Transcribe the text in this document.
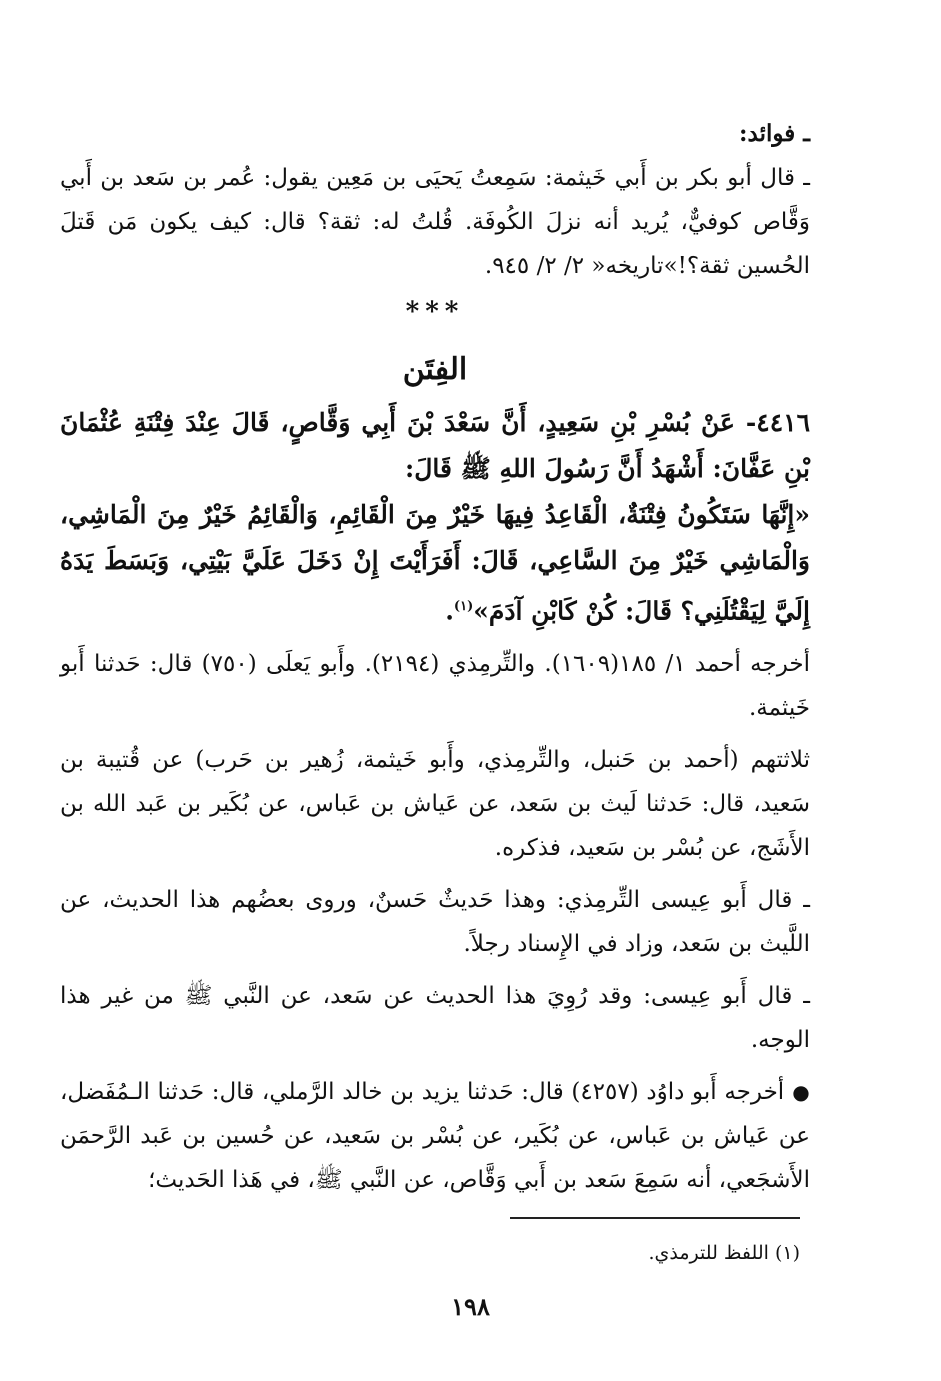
ـ فوائد:

ـ قال أبو بكر بن أَبي خَيثمة: سَمِعتُ يَحيَى بن مَعِين يقول: عُمر بن سَعد بن أَبي وَقَّاص كوفيٌّ، يُريد أنه نزلَ الكُوفَة. قُلتُ له: ثقة؟ قال: كيف يكون مَن قَتلَ الحُسين ثقة؟!»تاريخه« ٢/ ٢/ ٩٤٥.

***
الفِتَن

٤٤١٦- عَنْ بُسْرِ بْنِ سَعِيدٍ، أَنَّ سَعْدَ بْنَ أَبِي وَقَّاصٍ، قَالَ عِنْدَ فِتْنَةِ عُثْمَانَ بْنِ عَفَّانَ: أَشْهَدُ أَنَّ رَسُولَ اللهِ ﷺ قَالَ:

«إِنَّهَا سَتَكُونُ فِتْنَةٌ، الْقَاعِدُ فِيهَا خَيْرٌ مِنَ الْقَائِمِ، وَالْقَائِمُ خَيْرٌ مِنَ الْمَاشِي، وَالْمَاشِي خَيْرٌ مِنَ السَّاعِي، قَالَ: أَفَرَأَيْتَ إِنْ دَخَلَ عَلَيَّ بَيْتِي، وَبَسَطَ يَدَهُ إِلَيَّ لِيَقْتُلَنِي؟ قَالَ: كُنْ كَابْنِ آدَمَ»$^{(١)}$.

أخرجه أحمد ١/ ١٨٥(١٦٠٩). والتِّرمِذي (٢١٩٤). وأَبو يَعلَى (٧٥٠) قال: حَدثنا أَبو خَيثمة.

ثلاثتهم (أحمد بن حَنبل، والتِّرمِذي، وأَبو خَيثمة، زُهير بن حَرب) عن قُتيبة بن سَعيد، قال: حَدثنا لَيث بن سَعد، عن عَياش بن عَباس، عن بُكَير بن عَبد الله بن الأَشَج، عن بُسْر بن سَعيد، فذكره.

ـ قال أَبو عِيسى التِّرمِذي: وهذا حَديثٌ حَسنٌ، وروى بعضُهم هذا الحديث، عن اللَّيث بن سَعد، وزاد في الإِسناد رجلاً.

ـ قال أَبو عِيسى: وقد رُوِيَ هذا الحديث عن سَعد، عن النَّبي ﷺ من غير هذا الوجه.

●أخرجه أَبو داوُد (٤٢٥٧) قال: حَدثنا يزيد بن خالد الرَّملي، قال: حَدثنا الـمُفَضل، عن عَياش بن عَباس، عن بُكَير، عن بُسْر بن سَعيد، عن حُسين بن عَبد الرَّحمَن الأَشجَعي، أنه سَمِعَ سَعد بن أَبي وَقَّاص، عن النَّبي ﷺ، في هَذا الحَديث؛

(١) اللفظ للترمذي.
١٩٨
